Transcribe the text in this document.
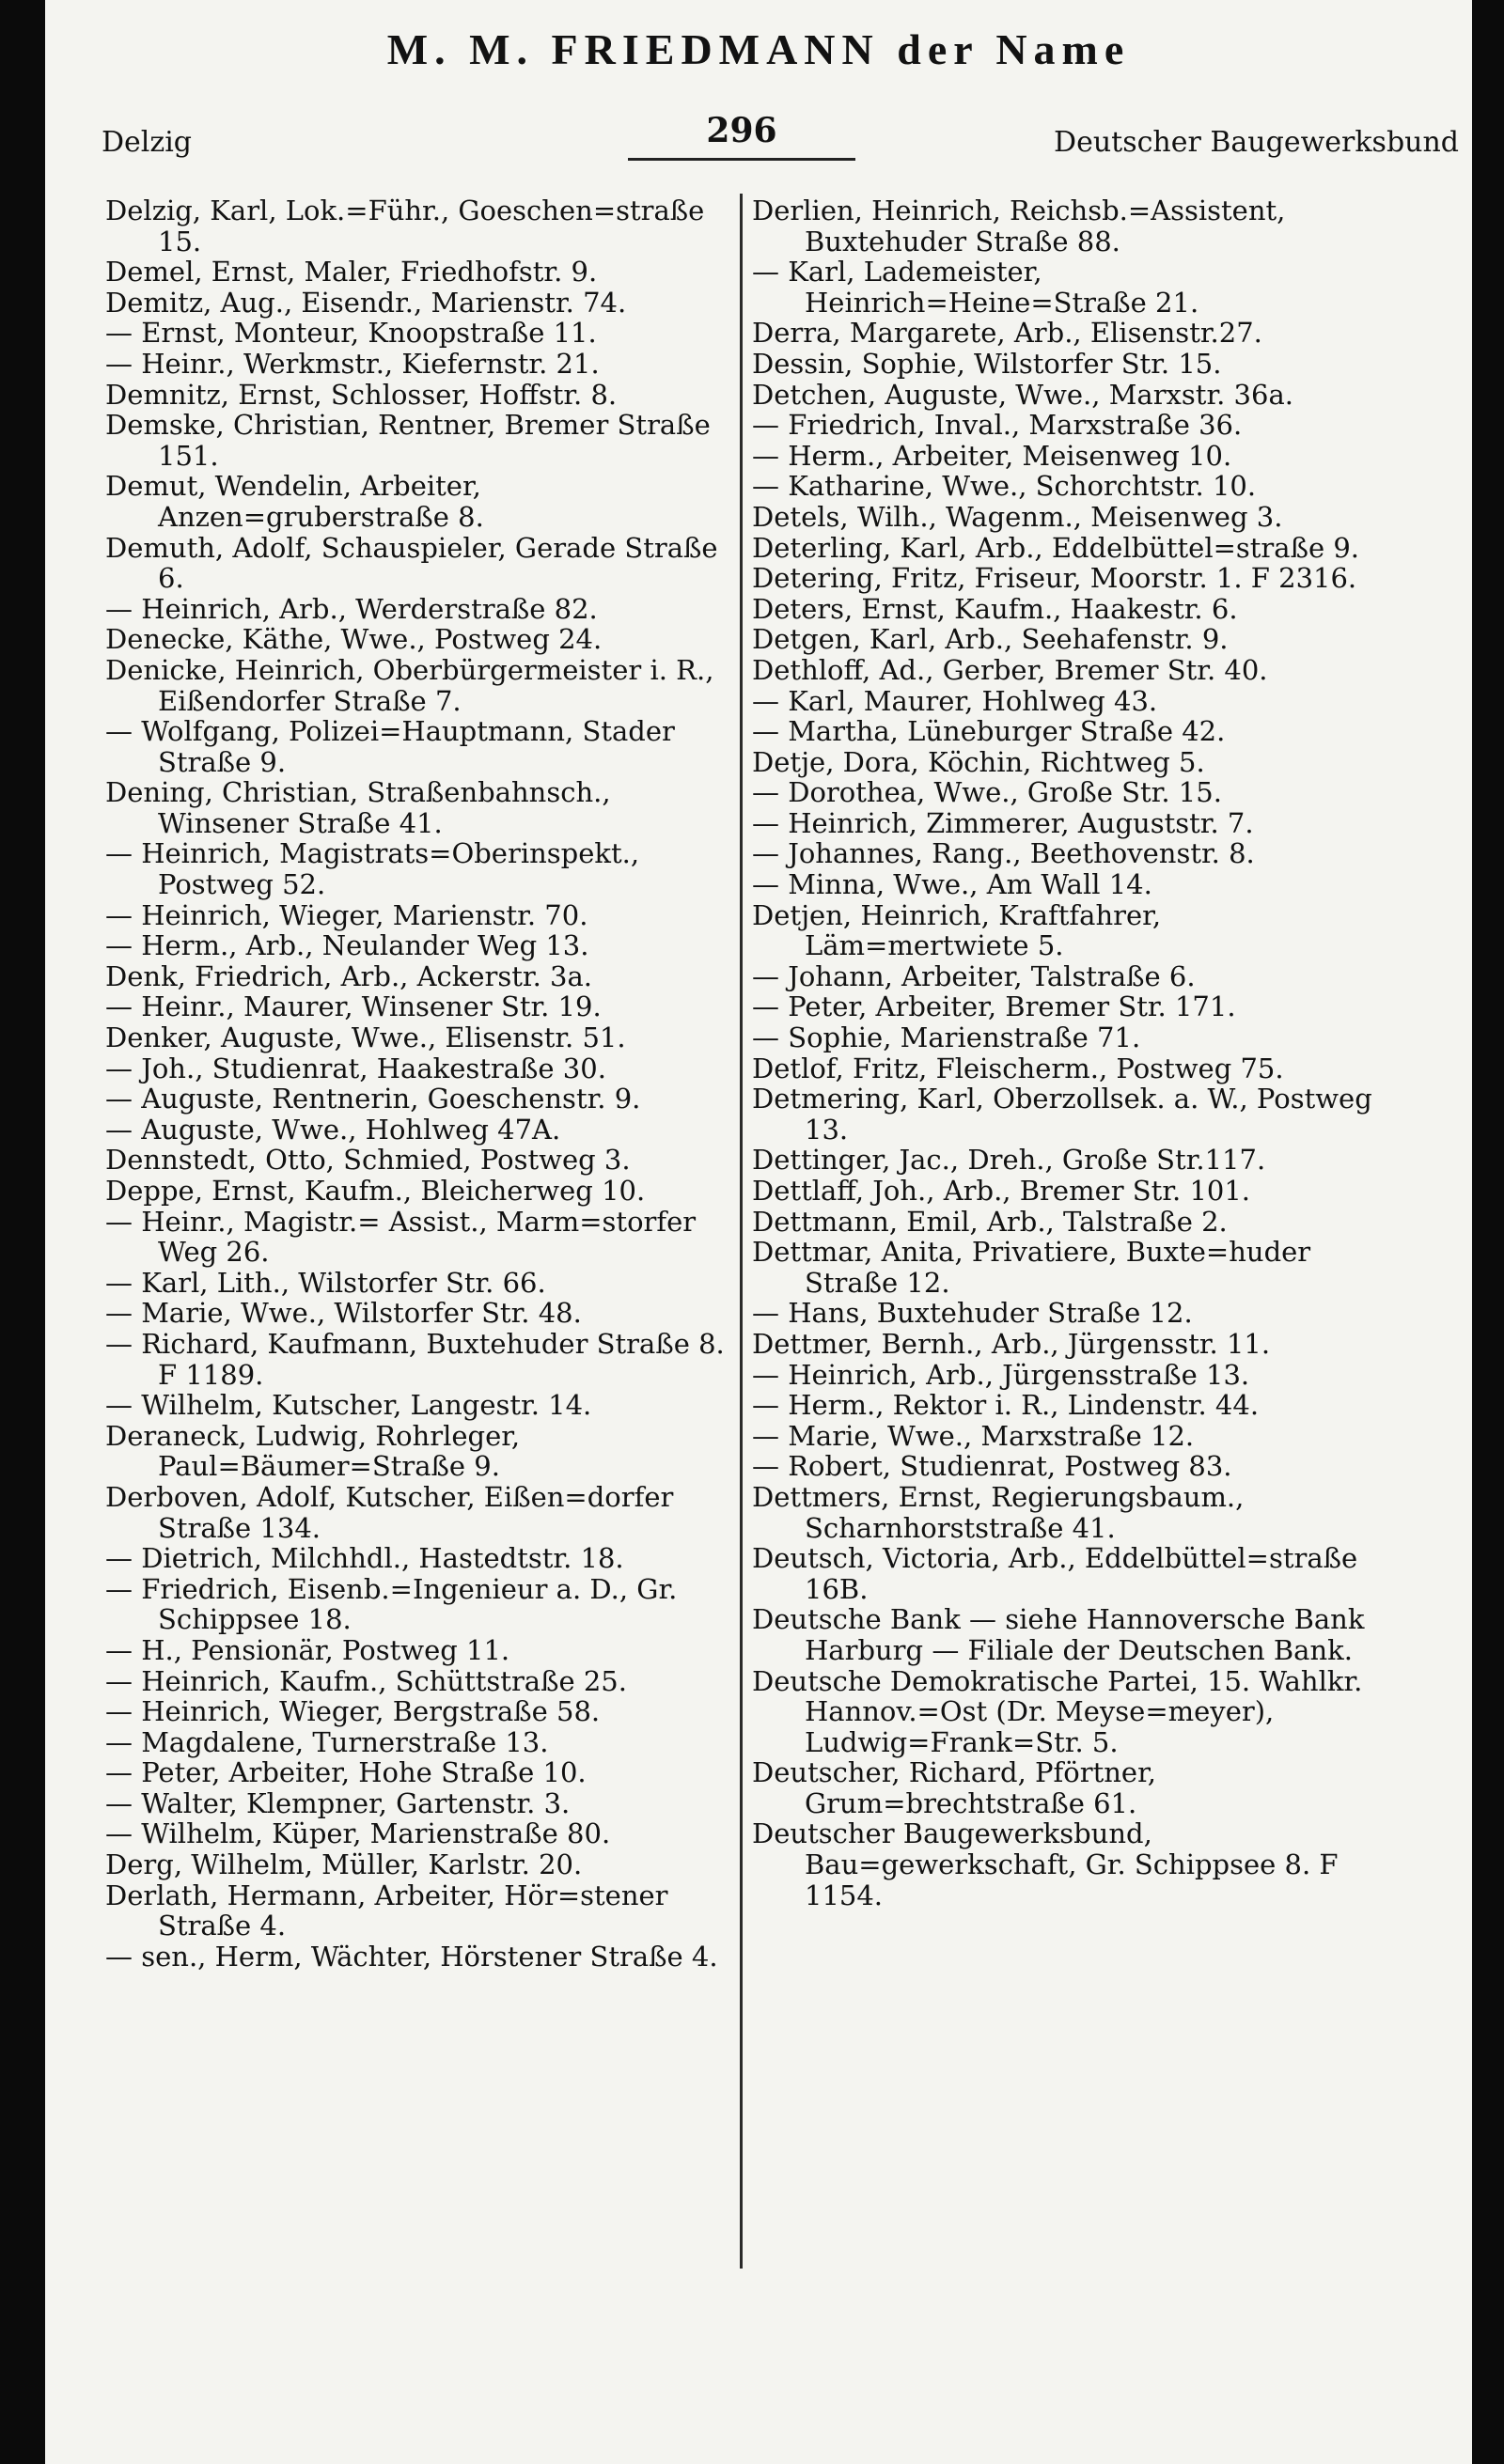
M. M. FRIEDMANN der Name
Delzig	296	Deutscher Baugewerksbund

Delzig, Karl, Lok.=Führ., Goeschen=straße 15.

Demel, Ernst, Maler, Friedhofstr. 9.

Demitz, Aug., Eisendr., Marienstr. 74.

— Ernst, Monteur, Knoopstraße 11.

— Heinr., Werkmstr., Kiefernstr. 21.

Demnitz, Ernst, Schlosser, Hoffstr. 8.

Demske, Christian, Rentner, Bremer Straße 151.

Demut, Wendelin, Arbeiter, Anzen=gruberstraße 8.

Demuth, Adolf, Schauspieler, Gerade Straße 6.

— Heinrich, Arb., Werderstraße 82.

Denecke, Käthe, Wwe., Postweg 24.

Denicke, Heinrich, Oberbürgermeister i. R., Eißendorfer Straße 7.

— Wolfgang, Polizei=Hauptmann, Stader Straße 9.

Dening, Christian, Straßenbahnsch., Winsener Straße 41.

— Heinrich, Magistrats=Oberinspekt., Postweg 52.

— Heinrich, Wieger, Marienstr. 70.

— Herm., Arb., Neulander Weg 13.

Denk, Friedrich, Arb., Ackerstr. 3a.

— Heinr., Maurer, Winsener Str. 19.

Denker, Auguste, Wwe., Elisenstr. 51.

— Joh., Studienrat, Haakestraße 30.

— Auguste, Rentnerin, Goeschenstr. 9.

— Auguste, Wwe., Hohlweg 47A.

Dennstedt, Otto, Schmied, Postweg 3.

Deppe, Ernst, Kaufm., Bleicherweg 10.

— Heinr., Magistr.= Assist., Marm=storfer Weg 26.

— Karl, Lith., Wilstorfer Str. 66.

— Marie, Wwe., Wilstorfer Str. 48.

— Richard, Kaufmann, Buxtehuder Straße 8. F 1189.

— Wilhelm, Kutscher, Langestr. 14.

Deraneck, Ludwig, Rohrleger, Paul=Bäumer=Straße 9.

Derboven, Adolf, Kutscher, Eißen=dorfer Straße 134.

— Dietrich, Milchhdl., Hastedtstr. 18.

— Friedrich, Eisenb.=Ingenieur a. D., Gr. Schippsee 18.

— H., Pensionär, Postweg 11.

— Heinrich, Kaufm., Schüttstraße 25.

— Heinrich, Wieger, Bergstraße 58.

— Magdalene, Turnerstraße 13.

— Peter, Arbeiter, Hohe Straße 10.

— Walter, Klempner, Gartenstr. 3.

— Wilhelm, Küper, Marienstraße 80.

Derg, Wilhelm, Müller, Karlstr. 20.

Derlath, Hermann, Arbeiter, Hör=stener Straße 4.

— sen., Herm, Wächter, Hörstener Straße 4.

Derlien, Heinrich, Reichsb.=Assistent, Buxtehuder Straße 88.

— Karl, Lademeister, Heinrich=Heine=Straße 21.

Derra, Margarete, Arb., Elisenstr.27.

Dessin, Sophie, Wilstorfer Str. 15.

Detchen, Auguste, Wwe., Marxstr. 36a.

— Friedrich, Inval., Marxstraße 36.

— Herm., Arbeiter, Meisenweg 10.

— Katharine, Wwe., Schorchtstr. 10.

Detels, Wilh., Wagenm., Meisenweg 3.

Deterling, Karl, Arb., Eddelbüttel=straße 9.

Detering, Fritz, Friseur, Moorstr. 1. F 2316.

Deters, Ernst, Kaufm., Haakestr. 6.

Detgen, Karl, Arb., Seehafenstr. 9.

Dethloff, Ad., Gerber, Bremer Str. 40.

— Karl, Maurer, Hohlweg 43.

— Martha, Lüneburger Straße 42.

Detje, Dora, Köchin, Richtweg 5.

— Dorothea, Wwe., Große Str. 15.

— Heinrich, Zimmerer, Auguststr. 7.

— Johannes, Rang., Beethovenstr. 8.

— Minna, Wwe., Am Wall 14.

Detjen, Heinrich, Kraftfahrer, Läm=mertwiete 5.

— Johann, Arbeiter, Talstraße 6.

— Peter, Arbeiter, Bremer Str. 171.

— Sophie, Marienstraße 71.

Detlof, Fritz, Fleischerm., Postweg 75.

Detmering, Karl, Oberzollsek. a. W., Postweg 13.

Dettinger, Jac., Dreh., Große Str.117.

Dettlaff, Joh., Arb., Bremer Str. 101.

Dettmann, Emil, Arb., Talstraße 2.

Dettmar, Anita, Privatiere, Buxte=huder Straße 12.

— Hans, Buxtehuder Straße 12.

Dettmer, Bernh., Arb., Jürgensstr. 11.

— Heinrich, Arb., Jürgensstraße 13.

— Herm., Rektor i. R., Lindenstr. 44.

— Marie, Wwe., Marxstraße 12.

— Robert, Studienrat, Postweg 83.

Dettmers, Ernst, Regierungsbaum., Scharnhorststraße 41.

Deutsch, Victoria, Arb., Eddelbüttel=straße 16B.

Deutsche Bank — siehe Hannoversche Bank Harburg — Filiale der Deutschen Bank.

Deutsche Demokratische Partei, 15. Wahlkr. Hannov.=Ost (Dr. Meyse=meyer), Ludwig=Frank=Str. 5.

Deutscher, Richard, Pförtner, Grum=brechtstraße 61.

Deutscher Baugewerksbund, Bau=gewerkschaft, Gr. Schippsee 8. F 1154.
